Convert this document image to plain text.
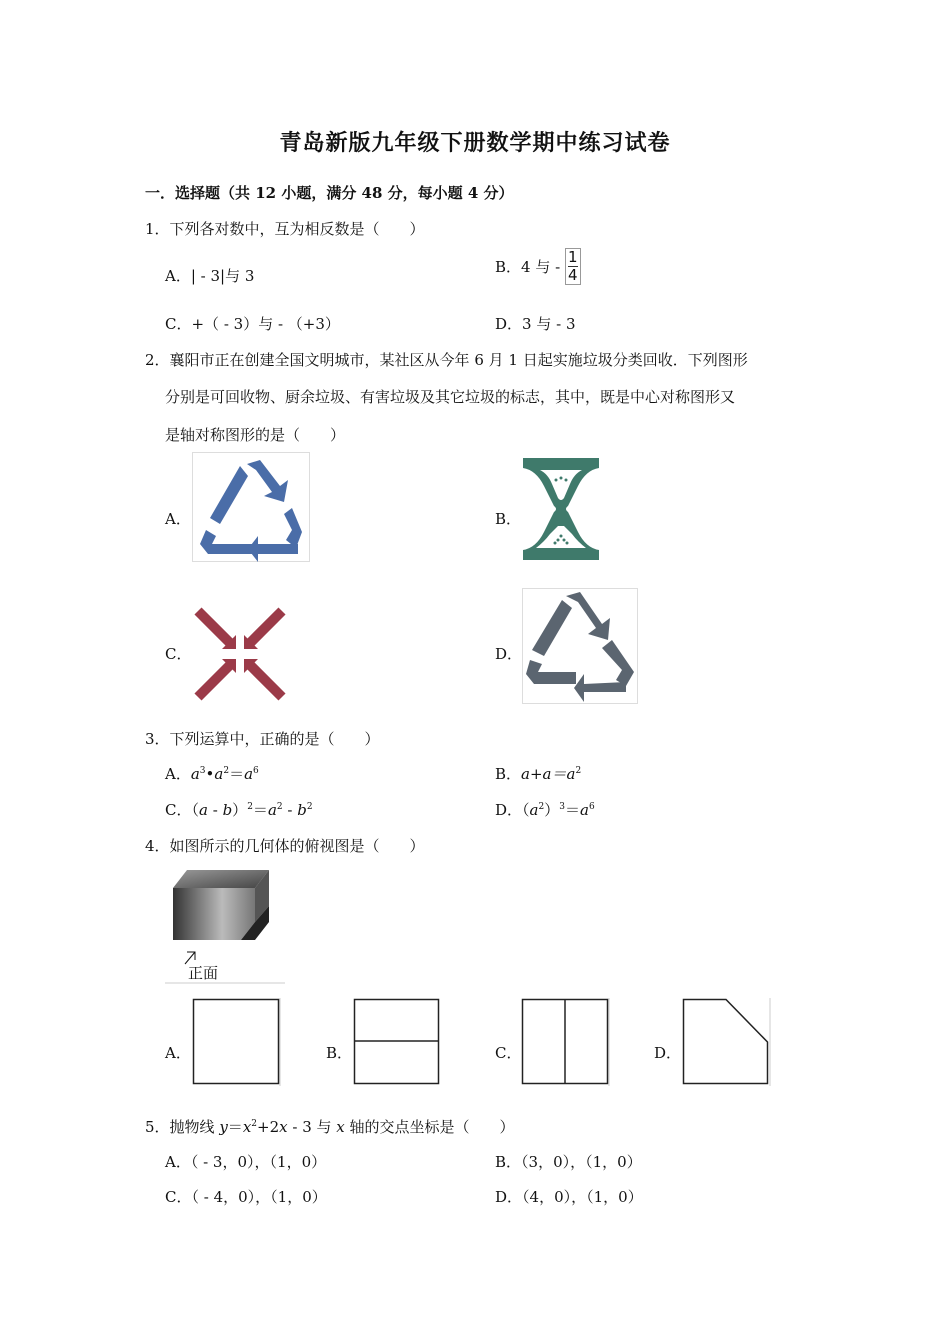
青岛新版九年级下册数学期中练习试卷
一．选择题（共 12 小题，满分 48 分，每小题 4 分）
1．下列各对数中，互为相反数是（　　）
A．| - 3|与 3	B．4 与 - $\frac{1}{4}$
C．+（ - 3）与 - （+3）	D．3 与 - 3
2．襄阳市正在创建全国文明城市，某社区从今年 6 月 1 日起实施垃圾分类回收．下列图形
分别是可回收物、厨余垃圾、有害垃圾及其它垃圾的标志，其中，既是中心对称图形又
是轴对称图形的是（　　）
A．	B．
C．	D．
3．下列运算中，正确的是（　　）
A．$a^3•a^2=a^6$	B．$a+a=a^2$
C．$(a - b)^2=a^2 - b^2$	D．$(a^2)^3=a^6$
4．如图所示的几何体的俯视图是（　　）
正面
A．	B．	C．	D．
5．抛物线 $y=x^2+2x - 3$ 与 x 轴的交点坐标是（　　）
A．（ - 3，0），（1，0）	B．（3，0），（1，0）
C．（ - 4，0），（1，0）	D．（4，0），（1，0）
